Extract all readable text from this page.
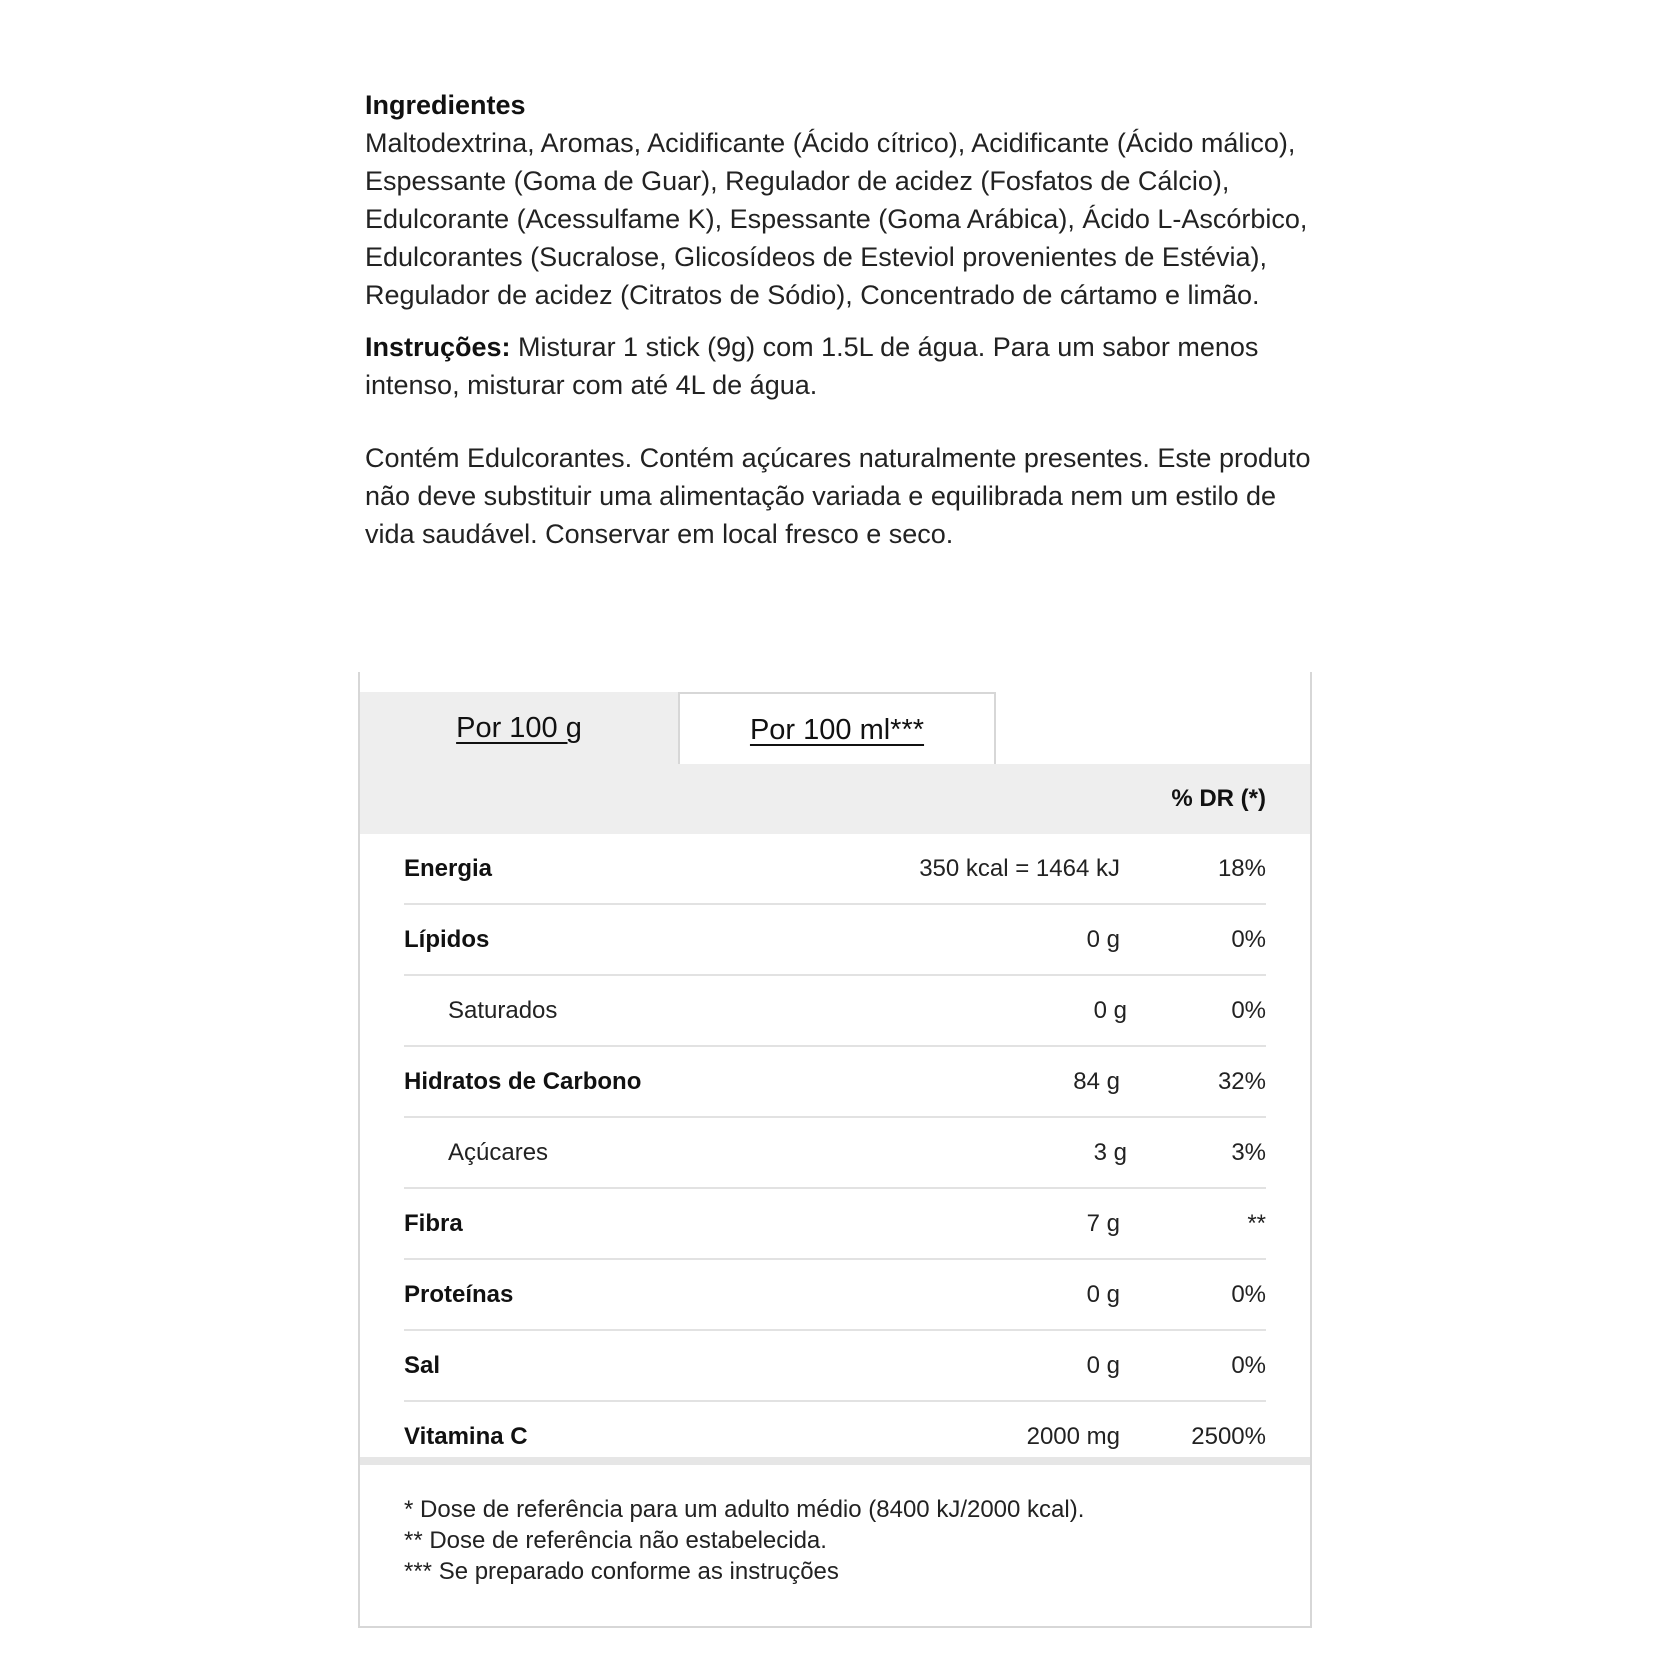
Ingredientes

Maltodextrina, Aromas, Acidificante (Ácido cítrico), Acidificante (Ácido málico), Espessante (Goma de Guar), Regulador de acidez (Fosfatos de Cálcio), Edulcorante (Acessulfame K), Espessante (Goma Arábica), Ácido L-Ascórbico, Edulcorantes (Sucralose, Glicosídeos de Esteviol provenientes de Estévia), Regulador de acidez (Citratos de Sódio), Concentrado de cártamo e limão.

Instruções: Misturar 1 stick (9g) com 1.5L de água. Para um sabor menos intenso, misturar com até 4L de água.

Contém Edulcorantes. Contém açúcares naturalmente presentes. Este produto não deve substituir uma alimentação variada e equilibrada nem um estilo de vida saudável. Conservar em local fresco e seco.

Por 100 g	Por 100 ml***
% DR (*)
Energia	350 kcal = 1464 kJ	18%
Lípidos	0 g	0%
Saturados	0 g	0%
Hidratos de Carbono	84 g	32%
Açúcares	3 g	3%
Fibra	7 g	**
Proteínas	0 g	0%
Sal	0 g	0%
Vitamina C	2000 mg	2500%
* Dose de referência para um adulto médio (8400 kJ/2000 kcal).
** Dose de referência não estabelecida.
*** Se preparado conforme as instruções
